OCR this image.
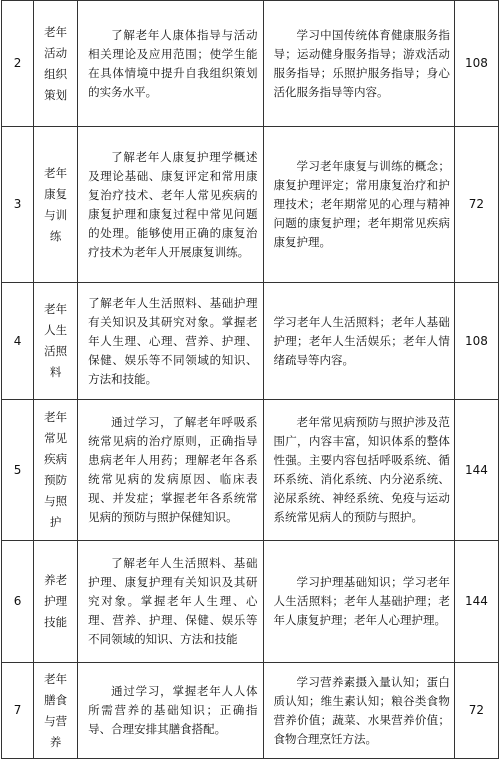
2	老年活动组织策划	了解老年人康体指导与活动相关理论及应用范围；使学生能在具体情境中提升自我组织策划的实务水平。	学习中国传统体育健康服务指导；运动健身服务指导；游戏活动服务指导；乐照护服务指导；身心活化服务指导等内容。	108
3	老年康复与训练	了解老年人康复护理学概述及理论基础、康复评定和常用康复治疗技术、老年人常见疾病的康复护理和康复过程中常见问题的处理。能够使用正确的康复治疗技术为老年人开展康复训练。	学习老年康复与训练的概念；康复护理评定；常用康复治疗和护理技术；老年期常见的心理与精神问题的康复护理；老年期常见疾病康复护理。	72
4	老年人生活照料	了解老年人生活照料、基础护理有关知识及其研究对象。掌握老年人生理、心理、营养、护理、保健、娱乐等不同领域的知识、方法和技能。	学习老年人生活照料；老年人基础护理；老年人生活娱乐；老年人情绪疏导等内容。	108
5	老年常见疾病预防与照护	通过学习，了解老年呼吸系统常见病的治疗原则，正确指导患病老年人用药；理解老年各系统常见病的发病原因、临床表现、并发症；掌握老年各系统常见病的预防与照护保健知识。	老年常见病预防与照护涉及范围广，内容丰富，知识体系的整体性强。主要内容包括呼吸系统、循环系统、消化系统、内分泌系统、泌尿系统、神经系统、免疫与运动系统常见病人的预防与照护。	144
6	养老护理技能	了解老年人生活照料、基础护理、康复护理有关知识及其研究对象。掌握老年人生理、心理、营养、护理、保健、娱乐等不同领域的知识、方法和技能	学习护理基础知识；学习老年人生活照料；老年人基础护理；老年人康复护理；老年人心理护理。	144
7	老年膳食与营养	通过学习，掌握老年人人体所需营养的基础知识；正确指导、合理安排其膳食搭配。	学习营养素摄入量认知；蛋白质认知；维生素认知；粮谷类食物营养价值；蔬菜、水果营养价值；食物合理烹饪方法。	72
